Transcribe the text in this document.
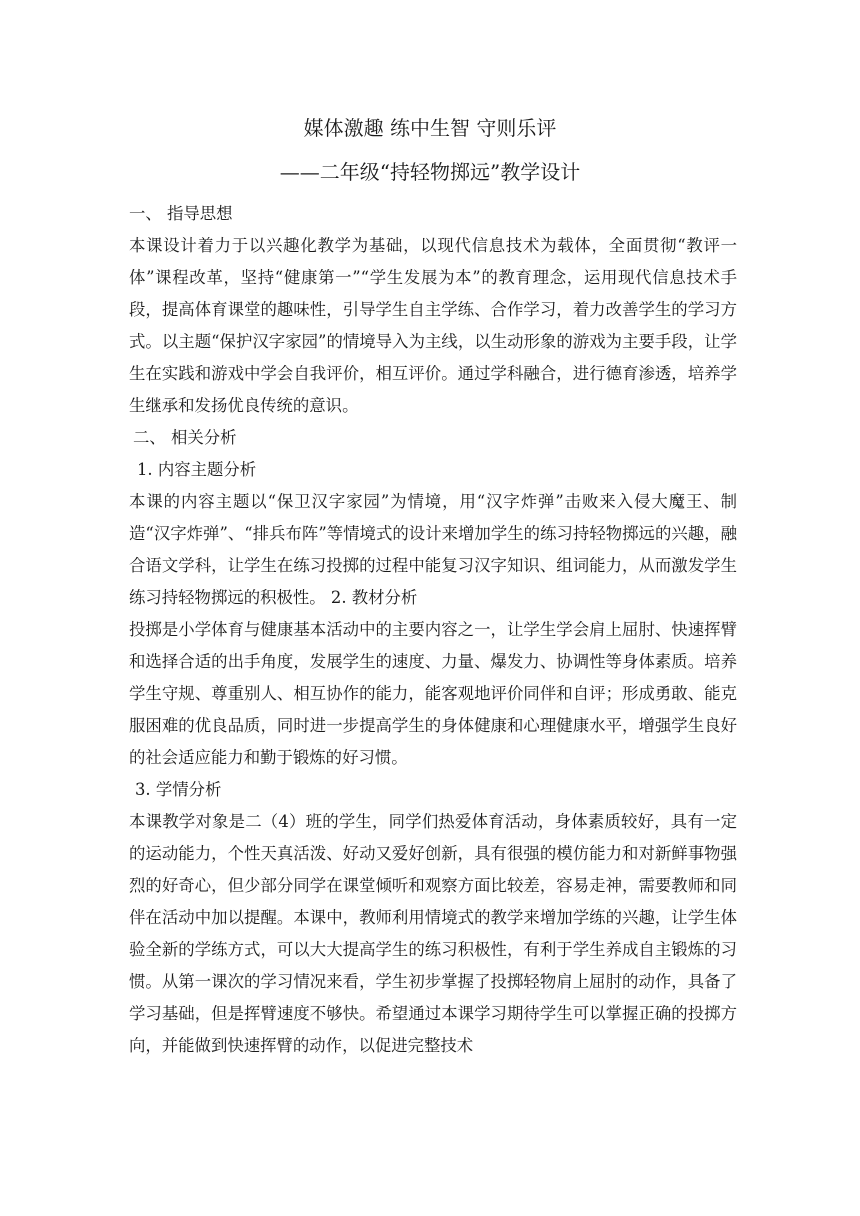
媒体激趣 练中生智 守则乐评
——二年级“持轻物掷远”教学设计

一、 指导思想

本课设计着力于以兴趣化教学为基础，以现代信息技术为载体，全面贯彻“教评一体”课程改革，坚持“健康第一”“学生发展为本”的教育理念，运用现代信息技术手段，提高体育课堂的趣味性，引导学生自主学练、合作学习，着力改善学生的学习方式。以主题“保护汉字家园”的情境导入为主线，以生动形象的游戏为主要手段，让学生在实践和游戏中学会自我评价，相互评价。通过学科融合，进行德育渗透，培养学生继承和发扬优良传统的意识。

二、 相关分析

1. 内容主题分析

本课的内容主题以“保卫汉字家园”为情境，用“汉字炸弹”击败来入侵大魔王、制 造“汉字炸弹”、“排兵布阵”等情境式的设计来增加学生的练习持轻物掷远的兴趣，融合语文学科，让学生在练习投掷的过程中能复习汉字知识、组词能力，从而激发学生练习持轻物掷远的积极性。 2. 教材分析

投掷是小学体育与健康基本活动中的主要内容之一，让学生学会肩上屈肘、快速挥臂和选择合适的出手角度，发展学生的速度、力量、爆发力、协调性等身体素质。培养学生守规、尊重别人、相互协作的能力，能客观地评价同伴和自评；形成勇敢、能克服困难的优良品质，同时进一步提高学生的身体健康和心理健康水平，增强学生良好的社会适应能力和勤于锻炼的好习惯。

3. 学情分析

本课教学对象是二（4）班的学生，同学们热爱体育活动，身体素质较好，具有一定的运动能力，个性天真活泼、好动又爱好创新，具有很强的模仿能力和对新鲜事物强烈的好奇心，但少部分同学在课堂倾听和观察方面比较差，容易走神，需要教师和同伴在活动中加以提醒。本课中，教师利用情境式的教学来增加学练的兴趣，让学生体验全新的学练方式，可以大大提高学生的练习积极性，有利于学生养成自主锻炼的习惯。从第一课次的学习情况来看，学生初步掌握了投掷轻物肩上屈肘的动作，具备了学习基础，但是挥臂速度不够快。希望通过本课学习期待学生可以掌握正确的投掷方向，并能做到快速挥臂的动作，以促进完整技术
